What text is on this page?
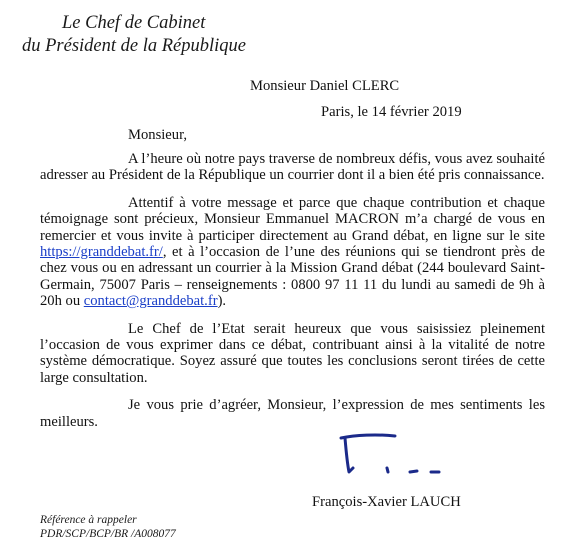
Le Chef de Cabinet
du Président de la République
Monsieur Daniel CLERC
Paris, le 14 février 2019
Monsieur,

A l’heure où notre pays traverse de nombreux défis, vous avez souhaité adresser au Président de la République un courrier dont il a bien été pris connaissance.

Attentif à votre message et parce que chaque contribution et chaque témoignage sont précieux, Monsieur Emmanuel MACRON m’a chargé de vous en remercier et vous invite à participer directement au Grand débat, en ligne sur le site https://granddebat.fr/, et à l’occasion de l’une des réunions qui se tiendront près de chez vous ou en adressant un courrier à la Mission Grand débat (244 boulevard Saint-Germain, 75007 Paris – renseignements : 0800 97 11 11 du lundi au samedi de 9h à 20h ou contact@granddebat.fr).

Le Chef de l’Etat serait heureux que vous saisissiez pleinement l’occasion de vous exprimer dans ce débat, contribuant ainsi à la vitalité de notre système démocratique. Soyez assuré que toutes les conclusions seront tirées de cette large consultation.

Je vous prie d’agréer, Monsieur, l’expression de mes sentiments les meilleurs.

François-Xavier LAUCH
Référence à rappeler
PDR/SCP/BCP/BR /A008077
